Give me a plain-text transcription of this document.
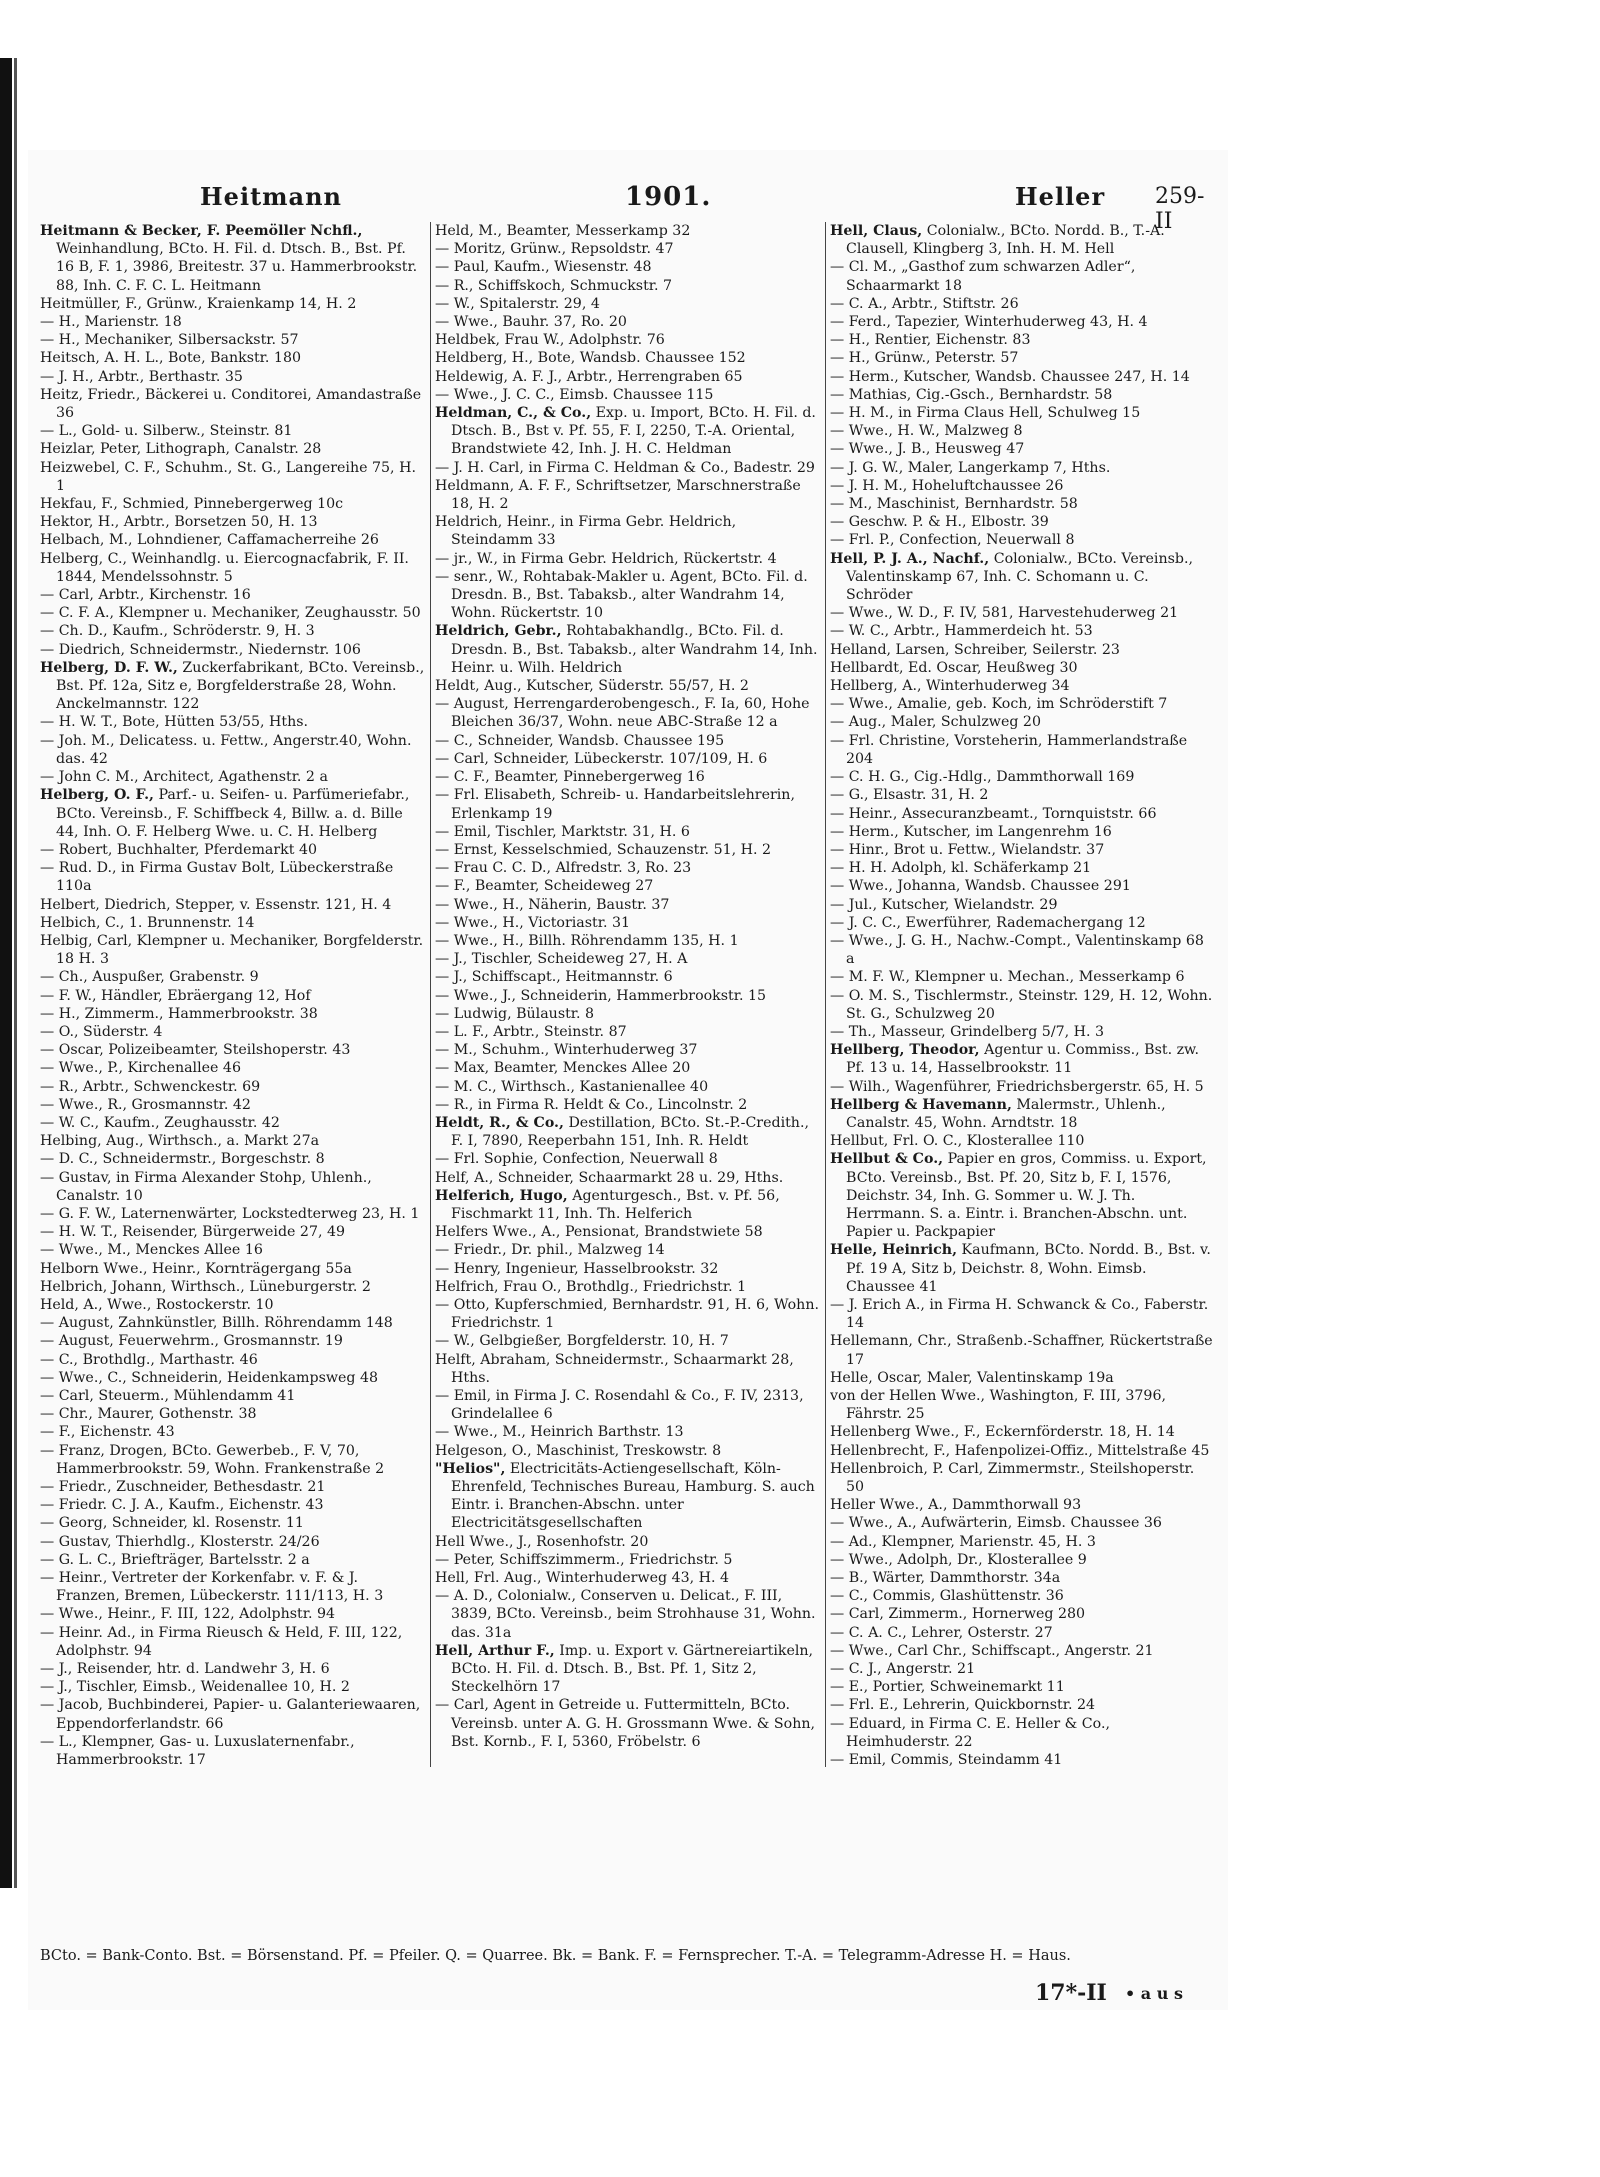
Heitmann	1901.	Heller 259-II

Heitmann & Becker, F. Peemöller Nchfl., Weinhandlung, BCto. H. Fil. d. Dtsch. B., Bst. Pf. 16 B, F. 1, 3986, Breitestr. 37 u. Hammerbrookstr. 88, Inh. C. F. C. L. Heitmann

Heitmüller, F., Grünw., Kraienkamp 14, H. 2

— H., Marienstr. 18

— H., Mechaniker, Silbersackstr. 57

Heitsch, A. H. L., Bote, Bankstr. 180

— J. H., Arbtr., Berthastr. 35

Heitz, Friedr., Bäckerei u. Conditorei, Amandastraße 36

— L., Gold- u. Silberw., Steinstr. 81

Heizlar, Peter, Lithograph, Canalstr. 28

Heizwebel, C. F., Schuhm., St. G., Langereihe 75, H. 1

Hekfau, F., Schmied, Pinnebergerweg 10c

Hektor, H., Arbtr., Borsetzen 50, H. 13

Helbach, M., Lohndiener, Caffamacherreihe 26

Helberg, C., Weinhandlg. u. Eiercognacfabrik, F. II. 1844, Mendelssohnstr. 5

— Carl, Arbtr., Kirchenstr. 16

— C. F. A., Klempner u. Mechaniker, Zeughausstr. 50

— Ch. D., Kaufm., Schröderstr. 9, H. 3

— Diedrich, Schneidermstr., Niedernstr. 106

Helberg, D. F. W., Zuckerfabrikant, BCto. Vereinsb., Bst. Pf. 12a, Sitz e, Borgfelderstraße 28, Wohn. Anckelmannstr. 122

— H. W. T., Bote, Hütten 53/55, Hths.

— Joh. M., Delicatess. u. Fettw., Angerstr.40, Wohn. das. 42

— John C. M., Architect, Agathenstr. 2 a

Helberg, O. F., Parf.- u. Seifen- u. Parfümeriefabr., BCto. Vereinsb., F. Schiffbeck 4, Billw. a. d. Bille 44, Inh. O. F. Helberg Wwe. u. C. H. Helberg

— Robert, Buchhalter, Pferdemarkt 40

— Rud. D., in Firma Gustav Bolt, Lübeckerstraße 110a

Helbert, Diedrich, Stepper, v. Essenstr. 121, H. 4

Helbich, C., 1. Brunnenstr. 14

Helbig, Carl, Klempner u. Mechaniker, Borgfelderstr. 18 H. 3

— Ch., Auspußer, Grabenstr. 9

— F. W., Händler, Ebräergang 12, Hof

— H., Zimmerm., Hammerbrookstr. 38

— O., Süderstr. 4

— Oscar, Polizeibeamter, Steilshoperstr. 43

— Wwe., P., Kirchenallee 46

— R., Arbtr., Schwenckestr. 69

— Wwe., R., Grosmannstr. 42

— W. C., Kaufm., Zeughausstr. 42

Helbing, Aug., Wirthsch., a. Markt 27a

— D. C., Schneidermstr., Borgeschstr. 8

— Gustav, in Firma Alexander Stohp, Uhlenh., Canalstr. 10

— G. F. W., Laternenwärter, Lockstedterweg 23, H. 1

— H. W. T., Reisender, Bürgerweide 27, 49

— Wwe., M., Menckes Allee 16

Helborn Wwe., Heinr., Kornträgergang 55a

Helbrich, Johann, Wirthsch., Lüneburgerstr. 2

Held, A., Wwe., Rostockerstr. 10

— August, Zahnkünstler, Billh. Röhrendamm 148

— August, Feuerwehrm., Grosmannstr. 19

— C., Brothdlg., Marthastr. 46

— Wwe., C., Schneiderin, Heidenkampsweg 48

— Carl, Steuerm., Mühlendamm 41

— Chr., Maurer, Gothenstr. 38

— F., Eichenstr. 43

— Franz, Drogen, BCto. Gewerbeb., F. V, 70, Hammerbrookstr. 59, Wohn. Frankenstraße 2

— Friedr., Zuschneider, Bethesdastr. 21

— Friedr. C. J. A., Kaufm., Eichenstr. 43

— Georg, Schneider, kl. Rosenstr. 11

— Gustav, Thierhdlg., Klosterstr. 24/26

— G. L. C., Briefträger, Bartelsstr. 2 a

— Heinr., Vertreter der Korkenfabr. v. F. & J. Franzen, Bremen, Lübeckerstr. 111/113, H. 3

— Wwe., Heinr., F. III, 122, Adolphstr. 94

— Heinr. Ad., in Firma Rieusch & Held, F. III, 122, Adolphstr. 94

— J., Reisender, htr. d. Landwehr 3, H. 6

— J., Tischler, Eimsb., Weidenallee 10, H. 2

— Jacob, Buchbinderei, Papier- u. Galanteriewaaren, Eppendorferlandstr. 66

— L., Klempner, Gas- u. Luxuslaternenfabr., Hammerbrookstr. 17

Held, M., Beamter, Messerkamp 32

— Moritz, Grünw., Repsoldstr. 47

— Paul, Kaufm., Wiesenstr. 48

— R., Schiffskoch, Schmuckstr. 7

— W., Spitalerstr. 29, 4

— Wwe., Bauhr. 37, Ro. 20

Heldbek, Frau W., Adolphstr. 76

Heldberg, H., Bote, Wandsb. Chaussee 152

Heldewig, A. F. J., Arbtr., Herrengraben 65

— Wwe., J. C. C., Eimsb. Chaussee 115

Heldman, C., & Co., Exp. u. Import, BCto. H. Fil. d. Dtsch. B., Bst v. Pf. 55, F. I, 2250, T.-A. Oriental, Brandstwiete 42, Inh. J. H. C. Heldman

— J. H. Carl, in Firma C. Heldman & Co., Badestr. 29

Heldmann, A. F. F., Schriftsetzer, Marschnerstraße 18, H. 2

Heldrich, Heinr., in Firma Gebr. Heldrich, Steindamm 33

— jr., W., in Firma Gebr. Heldrich, Rückertstr. 4

— senr., W., Rohtabak-Makler u. Agent, BCto. Fil. d. Dresdn. B., Bst. Tabaksb., alter Wandrahm 14, Wohn. Rückertstr. 10

Heldrich, Gebr., Rohtabakhandlg., BCto. Fil. d. Dresdn. B., Bst. Tabaksb., alter Wandrahm 14, Inh. Heinr. u. Wilh. Heldrich

Heldt, Aug., Kutscher, Süderstr. 55/57, H. 2

— August, Herrengarderobengesch., F. Ia, 60, Hohe Bleichen 36/37, Wohn. neue ABC-Straße 12 a

— C., Schneider, Wandsb. Chaussee 195

— Carl, Schneider, Lübeckerstr. 107/109, H. 6

— C. F., Beamter, Pinnebergerweg 16

— Frl. Elisabeth, Schreib- u. Handarbeitslehrerin, Erlenkamp 19

— Emil, Tischler, Marktstr. 31, H. 6

— Ernst, Kesselschmied, Schauzenstr. 51, H. 2

— Frau C. C. D., Alfredstr. 3, Ro. 23

— F., Beamter, Scheideweg 27

— Wwe., H., Näherin, Baustr. 37

— Wwe., H., Victoriastr. 31

— Wwe., H., Billh. Röhrendamm 135, H. 1

— J., Tischler, Scheideweg 27, H. A

— J., Schiffscapt., Heitmannstr. 6

— Wwe., J., Schneiderin, Hammerbrookstr. 15

— Ludwig, Bülaustr. 8

— L. F., Arbtr., Steinstr. 87

— M., Schuhm., Winterhuderweg 37

— Max, Beamter, Menckes Allee 20

— M. C., Wirthsch., Kastanienallee 40

— R., in Firma R. Heldt & Co., Lincolnstr. 2

Heldt, R., & Co., Destillation, BCto. St.-P.-Credith., F. I, 7890, Reeperbahn 151, Inh. R. Heldt

— Frl. Sophie, Confection, Neuerwall 8

Helf, A., Schneider, Schaarmarkt 28 u. 29, Hths.

Helferich, Hugo, Agenturgesch., Bst. v. Pf. 56, Fischmarkt 11, Inh. Th. Helferich

Helfers Wwe., A., Pensionat, Brandstwiete 58

— Friedr., Dr. phil., Malzweg 14

— Henry, Ingenieur, Hasselbrookstr. 32

Helfrich, Frau O., Brothdlg., Friedrichstr. 1

— Otto, Kupferschmied, Bernhardstr. 91, H. 6, Wohn. Friedrichstr. 1

— W., Gelbgießer, Borgfelderstr. 10, H. 7

Helft, Abraham, Schneidermstr., Schaarmarkt 28, Hths.

— Emil, in Firma J. C. Rosendahl & Co., F. IV, 2313, Grindelallee 6

— Wwe., M., Heinrich Barthstr. 13

Helgeson, O., Maschinist, Treskowstr. 8

"Helios", Electricitäts-Actiengesellschaft, Köln-Ehrenfeld, Technisches Bureau, Hamburg. S. auch Eintr. i. Branchen-Abschn. unter Electricitätsgesellschaften

Hell Wwe., J., Rosenhofstr. 20

— Peter, Schiffszimmerm., Friedrichstr. 5

Hell, Frl. Aug., Winterhuderweg 43, H. 4

— A. D., Colonialw., Conserven u. Delicat., F. III, 3839, BCto. Vereinsb., beim Strohhause 31, Wohn. das. 31a

Hell, Arthur F., Imp. u. Export v. Gärtnereiartikeln, BCto. H. Fil. d. Dtsch. B., Bst. Pf. 1, Sitz 2, Steckelhörn 17

— Carl, Agent in Getreide u. Futtermitteln, BCto. Vereinsb. unter A. G. H. Grossmann Wwe. & Sohn, Bst. Kornb., F. I, 5360, Fröbelstr. 6

Hell, Claus, Colonialw., BCto. Nordd. B., T.-A. Clausell, Klingberg 3, Inh. H. M. Hell

— Cl. M., „Gasthof zum schwarzen Adler“, Schaarmarkt 18

— C. A., Arbtr., Stiftstr. 26

— Ferd., Tapezier, Winterhuderweg 43, H. 4

— H., Rentier, Eichenstr. 83

— H., Grünw., Peterstr. 57

— Herm., Kutscher, Wandsb. Chaussee 247, H. 14

— Mathias, Cig.-Gsch., Bernhardstr. 58

— H. M., in Firma Claus Hell, Schulweg 15

— Wwe., H. W., Malzweg 8

— Wwe., J. B., Heusweg 47

— J. G. W., Maler, Langerkamp 7, Hths.

— J. H. M., Hoheluftchaussee 26

— M., Maschinist, Bernhardstr. 58

— Geschw. P. & H., Elbostr. 39

— Frl. P., Confection, Neuerwall 8

Hell, P. J. A., Nachf., Colonialw., BCto. Vereinsb., Valentinskamp 67, Inh. C. Schomann u. C. Schröder

— Wwe., W. D., F. IV, 581, Harvestehuderweg 21

— W. C., Arbtr., Hammerdeich ht. 53

Helland, Larsen, Schreiber, Seilerstr. 23

Hellbardt, Ed. Oscar, Heußweg 30

Hellberg, A., Winterhuderweg 34

— Wwe., Amalie, geb. Koch, im Schröderstift 7

— Aug., Maler, Schulzweg 20

— Frl. Christine, Vorsteherin, Hammerlandstraße 204

— C. H. G., Cig.-Hdlg., Dammthorwall 169

— G., Elsastr. 31, H. 2

— Heinr., Assecuranzbeamt., Tornquiststr. 66

— Herm., Kutscher, im Langenrehm 16

— Hinr., Brot u. Fettw., Wielandstr. 37

— H. H. Adolph, kl. Schäferkamp 21

— Wwe., Johanna, Wandsb. Chaussee 291

— Jul., Kutscher, Wielandstr. 29

— J. C. C., Ewerführer, Rademachergang 12

— Wwe., J. G. H., Nachw.-Compt., Valentinskamp 68 a

— M. F. W., Klempner u. Mechan., Messerkamp 6

— O. M. S., Tischlermstr., Steinstr. 129, H. 12, Wohn. St. G., Schulzweg 20

— Th., Masseur, Grindelberg 5/7, H. 3

Hellberg, Theodor, Agentur u. Commiss., Bst. zw. Pf. 13 u. 14, Hasselbrookstr. 11

— Wilh., Wagenführer, Friedrichsbergerstr. 65, H. 5

Hellberg & Havemann, Malermstr., Uhlenh., Canalstr. 45, Wohn. Arndtstr. 18

Hellbut, Frl. O. C., Klosterallee 110

Hellbut & Co., Papier en gros, Commiss. u. Export, BCto. Vereinsb., Bst. Pf. 20, Sitz b, F. I, 1576, Deichstr. 34, Inh. G. Sommer u. W. J. Th. Herrmann. S. a. Eintr. i. Branchen-Abschn. unt. Papier u. Packpapier

Helle, Heinrich, Kaufmann, BCto. Nordd. B., Bst. v. Pf. 19 A, Sitz b, Deichstr. 8, Wohn. Eimsb. Chaussee 41

— J. Erich A., in Firma H. Schwanck & Co., Faberstr. 14

Hellemann, Chr., Straßenb.-Schaffner, Rückertstraße 17

Helle, Oscar, Maler, Valentinskamp 19a

von der Hellen Wwe., Washington, F. III, 3796, Fährstr. 25

Hellenberg Wwe., F., Eckernförderstr. 18, H. 14

Hellenbrecht, F., Hafenpolizei-Offiz., Mittelstraße 45

Hellenbroich, P. Carl, Zimmermstr., Steilshoperstr. 50

Heller Wwe., A., Dammthorwall 93

— Wwe., A., Aufwärterin, Eimsb. Chaussee 36

— Ad., Klempner, Marienstr. 45, H. 3

— Wwe., Adolph, Dr., Klosterallee 9

— B., Wärter, Dammthorstr. 34a

— C., Commis, Glashüttenstr. 36

— Carl, Zimmerm., Hornerweg 280

— C. A. C., Lehrer, Osterstr. 27

— Wwe., Carl Chr., Schiffscapt., Angerstr. 21

— C. J., Angerstr. 21

— E., Portier, Schweinemarkt 11

— Frl. E., Lehrerin, Quickbornstr. 24

— Eduard, in Firma C. E. Heller & Co., Heimhuderstr. 22

— Emil, Commis, Steindamm 41

BCto. = Bank-Conto. Bst. = Börsenstand. Pf. = Pfeiler. Q. = Quarree. Bk. = Bank. F. = Fernsprecher. T.-A. = Telegramm-Adresse H. = Haus.
17*-II • a u s
